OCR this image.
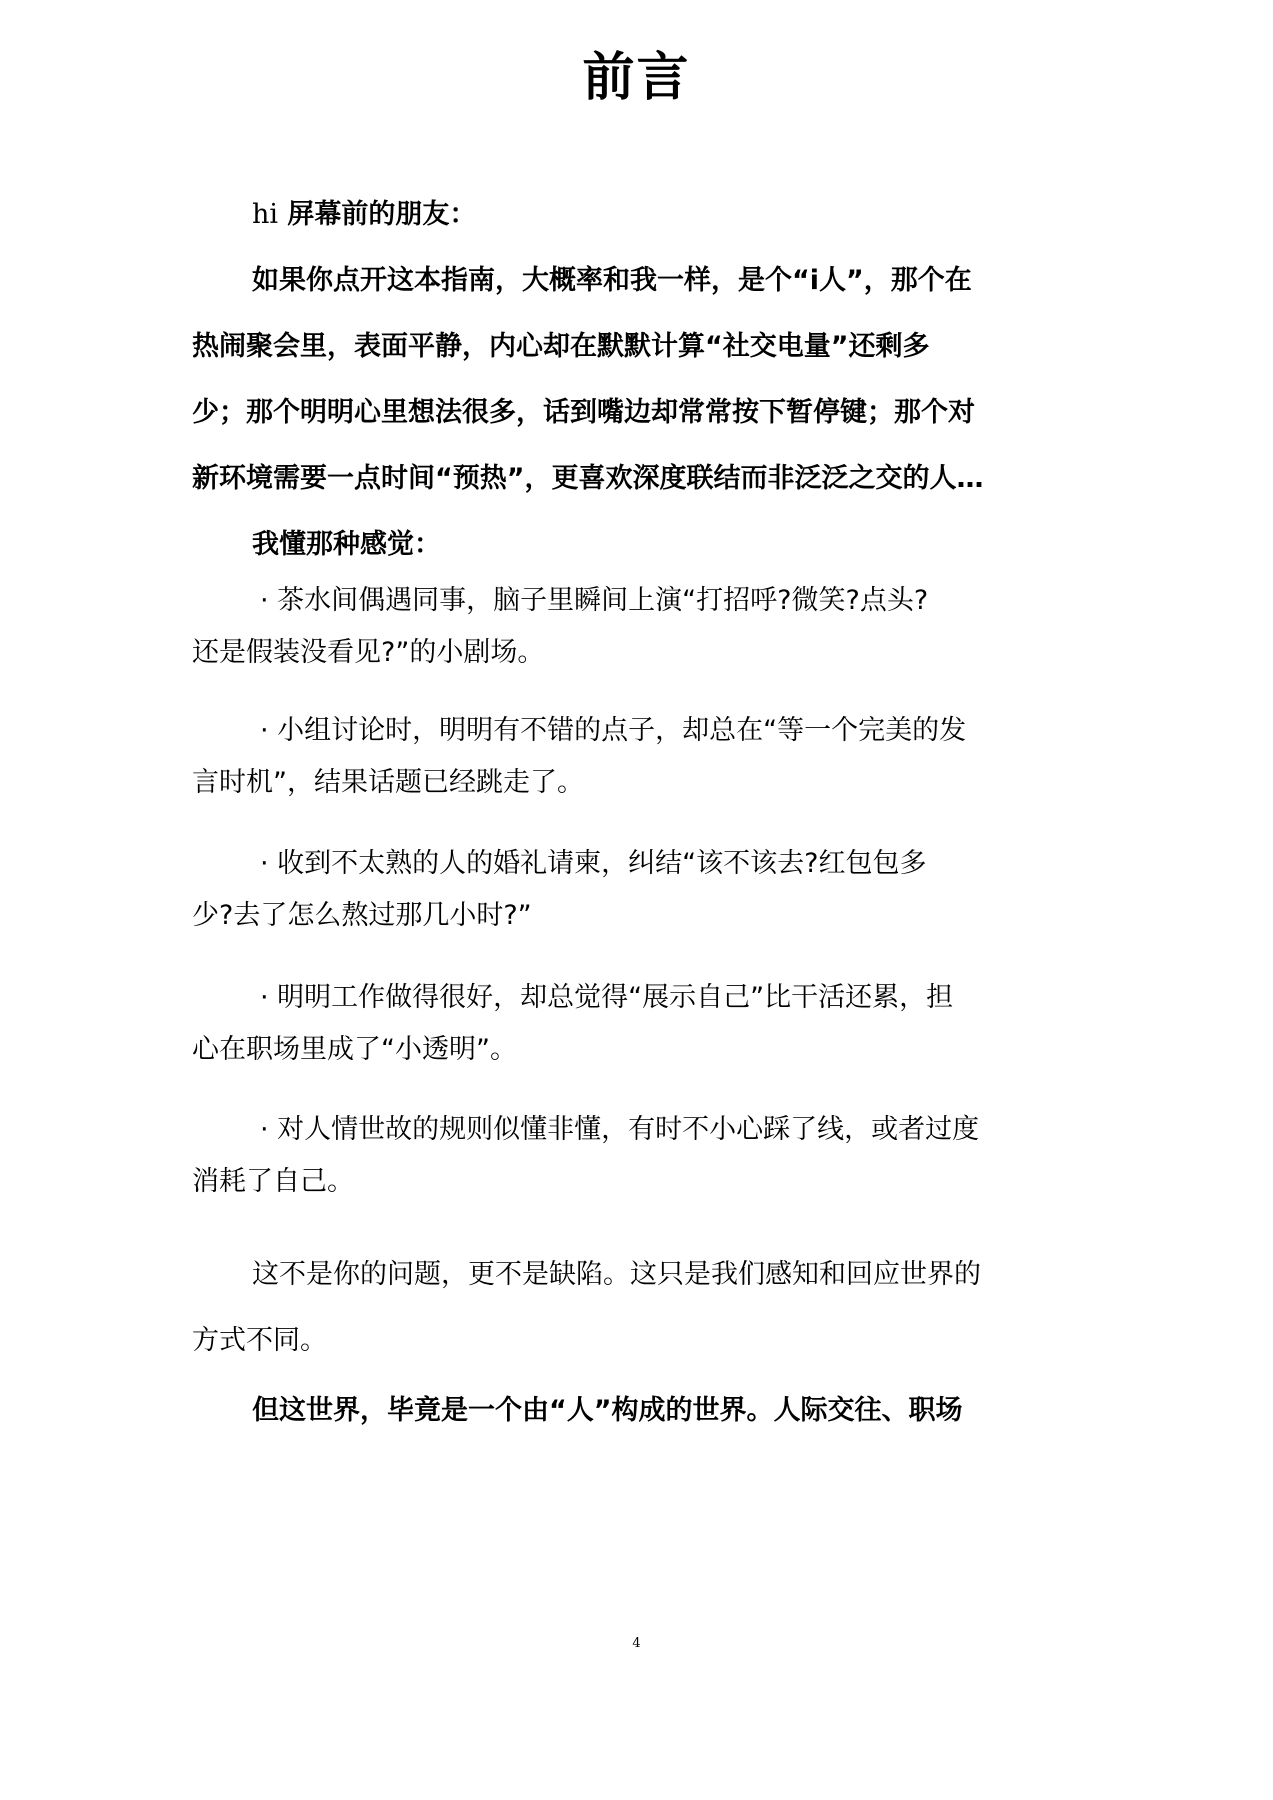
前言
hi 屏幕前的朋友：
如果你点开这本指南，大概率和我一样，是个“i人”，那个在
热闹聚会里，表面平静，内心却在默默计算“社交电量”还剩多
少；那个明明心里想法很多，话到嘴边却常常按下暂停键；那个对
新环境需要一点时间“预热”，更喜欢深度联结而非泛泛之交的人…
我懂那种感觉：
· 茶水间偶遇同事，脑子里瞬间上演“打招呼?微笑?点头?
还是假装没看见?”的小剧场。
· 小组讨论时，明明有不错的点子，却总在“等一个完美的发
言时机”，结果话题已经跳走了。
· 收到不太熟的人的婚礼请柬，纠结“该不该去?红包包多
少?去了怎么熬过那几小时?”
· 明明工作做得很好，却总觉得“展示自己”比干活还累，担
心在职场里成了“小透明”。
· 对人情世故的规则似懂非懂，有时不小心踩了线，或者过度
消耗了自己。
这不是你的问题，更不是缺陷。这只是我们感知和回应世界的
方式不同。
但这世界，毕竟是一个由“人”构成的世界。人际交往、职场
4
